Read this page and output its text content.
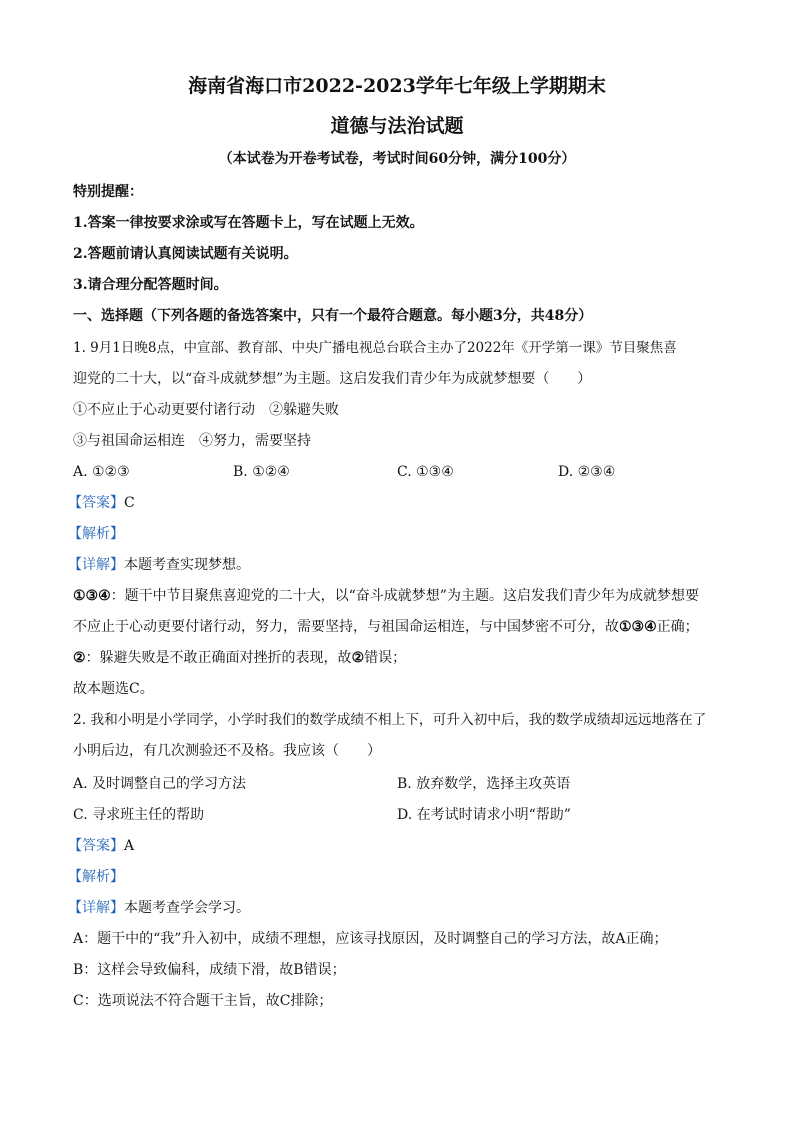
海南省海口市2022-2023学年七年级上学期期末
道德与法治试题
（本试卷为开卷考试卷，考试时间60分钟，满分100分）
特别提醒：
1.答案一律按要求涂或写在答题卡上，写在试题上无效。
2.答题前请认真阅读试题有关说明。
3.请合理分配答题时间。
一、选择题（下列各题的备选答案中，只有一个最符合题意。每小题3分，共48分）
1. 9月1日晚8点，中宣部、教育部、中央广播电视总台联合主办了2022年《开学第一课》节目聚焦喜
迎党的二十大，以“奋斗成就梦想”为主题。这启发我们青少年为成就梦想要（　　）
①不应止于心动更要付诸行动　②躲避失败
③与祖国命运相连　④努力，需要坚持
A. ①②③	B. ①②④	C. ①③④	D. ②③④
【答案】C
【解析】
【详解】本题考查实现梦想。
①③④：题干中节目聚焦喜迎党的二十大，以“奋斗成就梦想”为主题。这启发我们青少年为成就梦想要
不应止于心动更要付诸行动，努力，需要坚持，与祖国命运相连，与中国梦密不可分，故①③④正确；
②：躲避失败是不敢正确面对挫折的表现，故②错误；
故本题选C。
2. 我和小明是小学同学，小学时我们的数学成绩不相上下，可升入初中后，我的数学成绩却远远地落在了
小明后边，有几次测验还不及格。我应该（　　）
A. 及时调整自己的学习方法	B. 放弃数学，选择主攻英语
C. 寻求班主任的帮助	D. 在考试时请求小明“帮助”
【答案】A
【解析】
【详解】本题考查学会学习。
A：题干中的“我”升入初中，成绩不理想，应该寻找原因，及时调整自己的学习方法，故A正确；
B：这样会导致偏科，成绩下滑，故B错误；
C：选项说法不符合题干主旨，故C排除；
